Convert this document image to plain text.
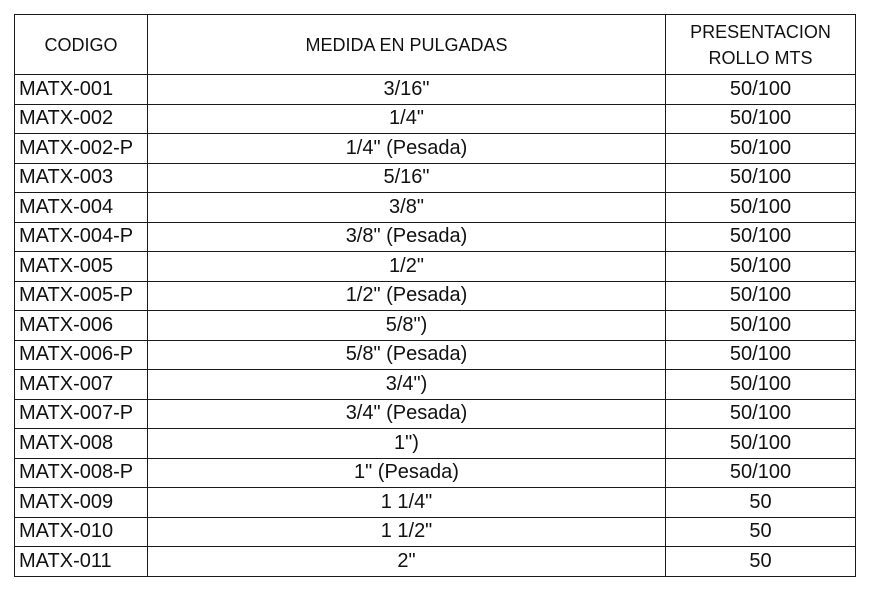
CODIGO	MEDIDA EN PULGADAS	PRESENTACION
ROLLO MTS

MATX-001	3/16"	50/100
MATX-002	1/4"	50/100
MATX-002-P	1/4" (Pesada)	50/100
MATX-003	5/16"	50/100
MATX-004	3/8"	50/100
MATX-004-P	3/8" (Pesada)	50/100
MATX-005	1/2"	50/100
MATX-005-P	1/2" (Pesada)	50/100
MATX-006	5/8")	50/100
MATX-006-P	5/8" (Pesada)	50/100
MATX-007	3/4")	50/100
MATX-007-P	3/4" (Pesada)	50/100
MATX-008	1")	50/100
MATX-008-P	1" (Pesada)	50/100
MATX-009	1 1/4"	50
MATX-010	1 1/2"	50
MATX-011	2"	50
